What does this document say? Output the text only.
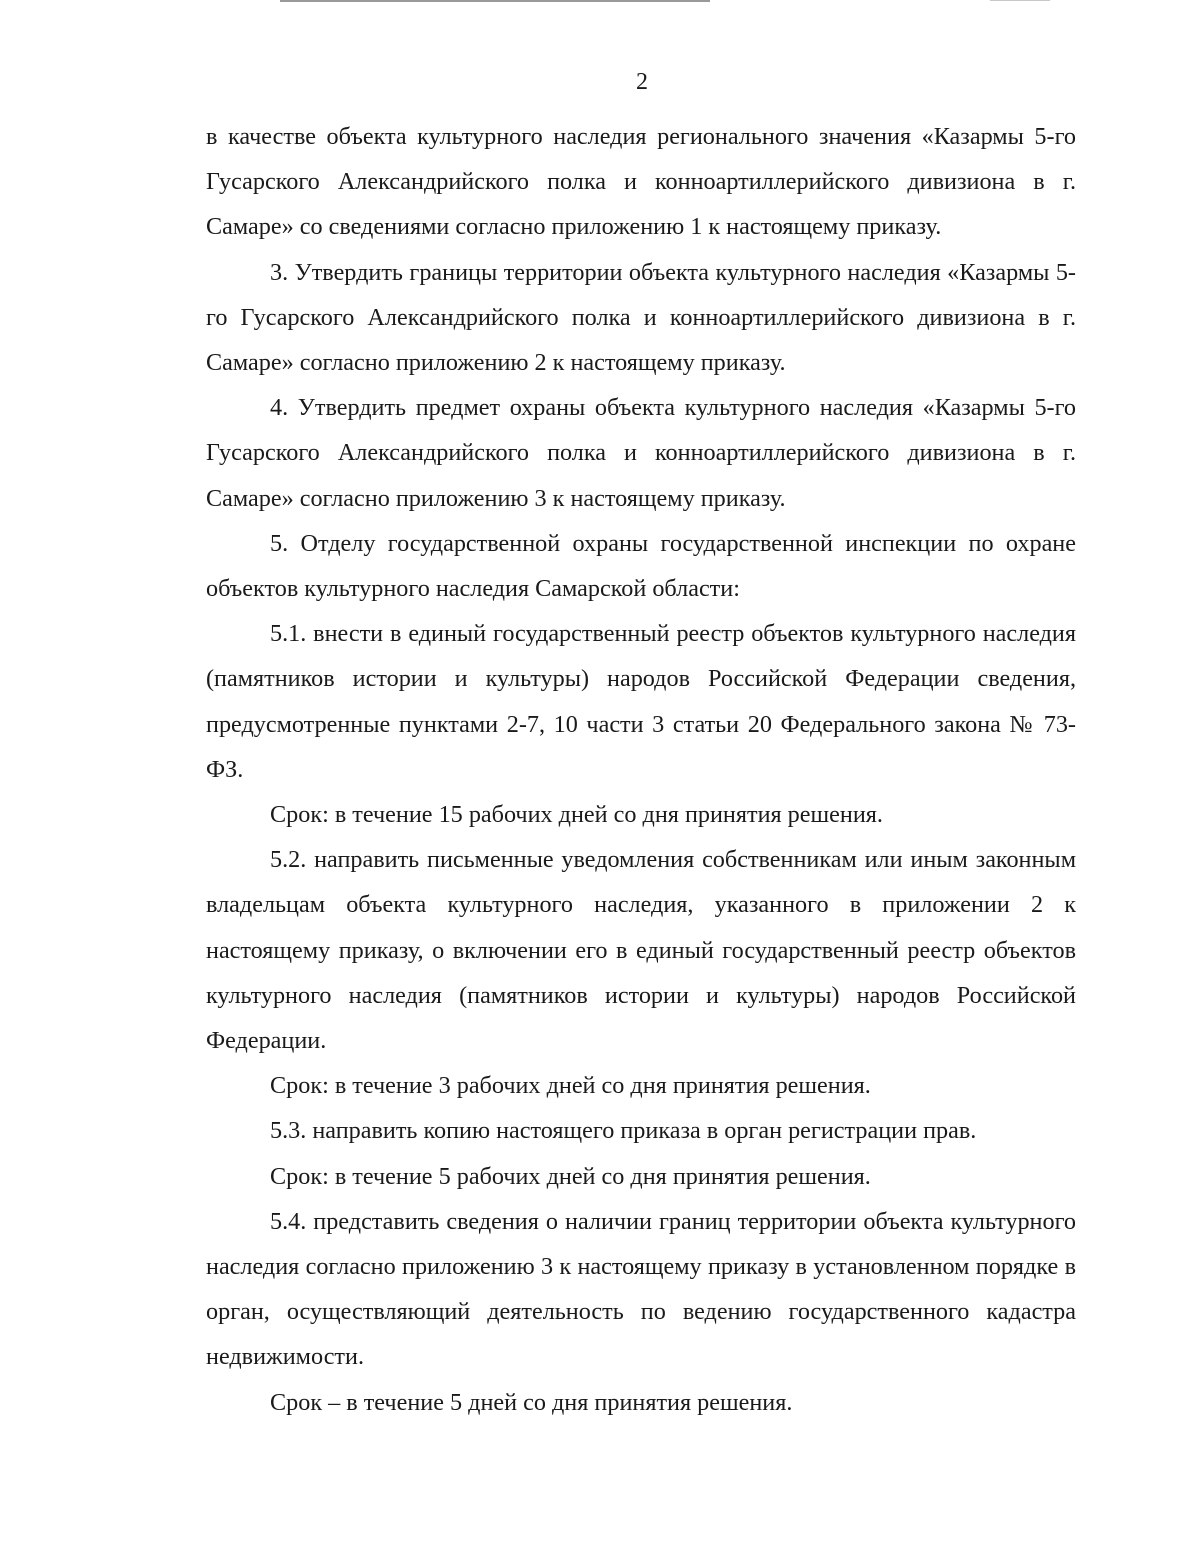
2

в качестве объекта культурного наследия регионального значения «Казармы 5-го Гусарского Александрийского полка и конноартиллерийского дивизиона в г. Самаре» со сведениями согласно приложению 1 к настоящему приказу.

3. Утвердить границы территории объекта культурного наследия «Казармы 5-го Гусарского Александрийского полка и конноартиллерийского дивизиона в г. Самаре» согласно приложению 2 к настоящему приказу.

4. Утвердить предмет охраны объекта культурного наследия «Казармы 5-го Гусарского Александрийского полка и конноартиллерийского дивизиона в г. Самаре» согласно приложению 3 к настоящему приказу.

5. Отделу государственной охраны государственной инспекции по охране объектов культурного наследия Самарской области:

5.1. внести в единый государственный реестр объектов культурного наследия (памятников истории и культуры) народов Российской Федерации сведения, предусмотренные пунктами 2-7, 10 части 3 статьи 20 Федерального закона № 73-ФЗ.

Срок: в течение 15 рабочих дней со дня принятия решения.

5.2. направить письменные уведомления собственникам или иным законным владельцам объекта культурного наследия, указанного в приложении 2 к настоящему приказу, о включении его в единый государственный реестр объектов культурного наследия (памятников истории и культуры) народов Российской Федерации.

Срок: в течение 3 рабочих дней со дня принятия решения.

5.3. направить копию настоящего приказа в орган регистрации прав.

Срок: в течение 5 рабочих дней со дня принятия решения.

5.4. представить сведения о наличии границ территории объекта культурного наследия согласно приложению 3 к настоящему приказу в установленном порядке в орган, осуществляющий деятельность по ведению государственного кадастра недвижимости.

Срок – в течение 5 дней со дня принятия решения.
